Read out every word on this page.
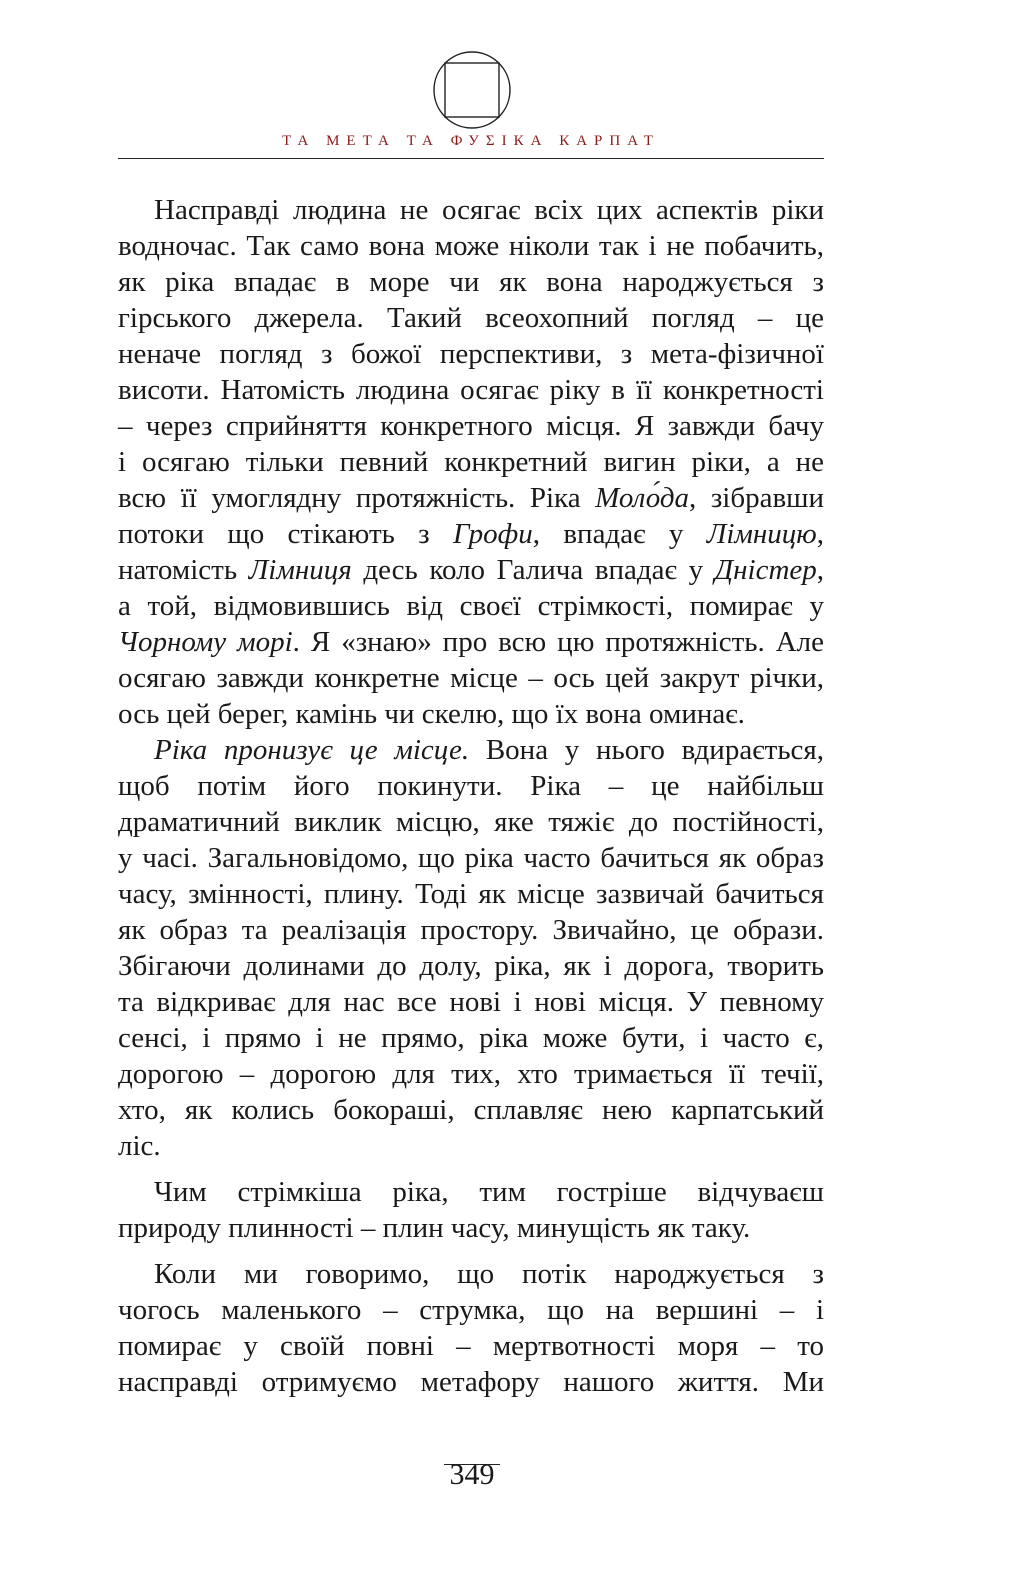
ТА МЕТА ТА ФУΣІКА КАРПАТ
Насправді людина не осягає всіх цих аспектів ріки
водночас. Так само вона може ніколи так і не побачить,
як ріка впадає в море чи як вона народжується з
гірського джерела. Такий всеохопний погляд – це
неначе погляд з божої перспективи, з мета-фізичної
висоти. Натомість людина осягає ріку в її конкретності
– через сприйняття конкретного місця. Я завжди бачу
і осягаю тільки певний конкретний вигин ріки, а не
всю її умоглядну протяжність. Ріка Моло́да, зібравши
потоки що стікають з Грофи, впадає у Лімницю,
натомість Лімниця десь коло Галича впадає у Дністер,
а той, відмовившись від своєї стрімкості, помирає у
Чорному морі. Я «знаю» про всю цю протяжність. Але
осягаю завжди конкретне місце – ось цей закрут річки,
ось цей берег, камінь чи скелю, що їх вона оминає.
Ріка пронизує це місце. Вона у нього вдирається,
щоб потім його покинути. Ріка – це найбільш
драматичний виклик місцю, яке тяжіє до постійності,
у часі. Загальновідомо, що ріка часто бачиться як образ
часу, змінності, плину. Тоді як місце зазвичай бачиться
як образ та реалізація простору. Звичайно, це образи.
Збігаючи долинами до долу, ріка, як і дорога, творить
та відкриває для нас все нові і нові місця. У певному
сенсі, і прямо і не прямо, ріка може бути, і часто є,
дорогою – дорогою для тих, хто тримається її течії,
хто, як колись бокораші, сплавляє нею карпатський
ліс.
Чим стрімкіша ріка, тим гостріше відчуваєш
природу плинності – плин часу, минущість як таку.
Коли ми говоримо, що потік народжується з
чогось маленького – струмка, що на вершині – і
помирає у своїй повні – мертвотності моря – то
насправді отримуємо метафору нашого життя. Ми
349
